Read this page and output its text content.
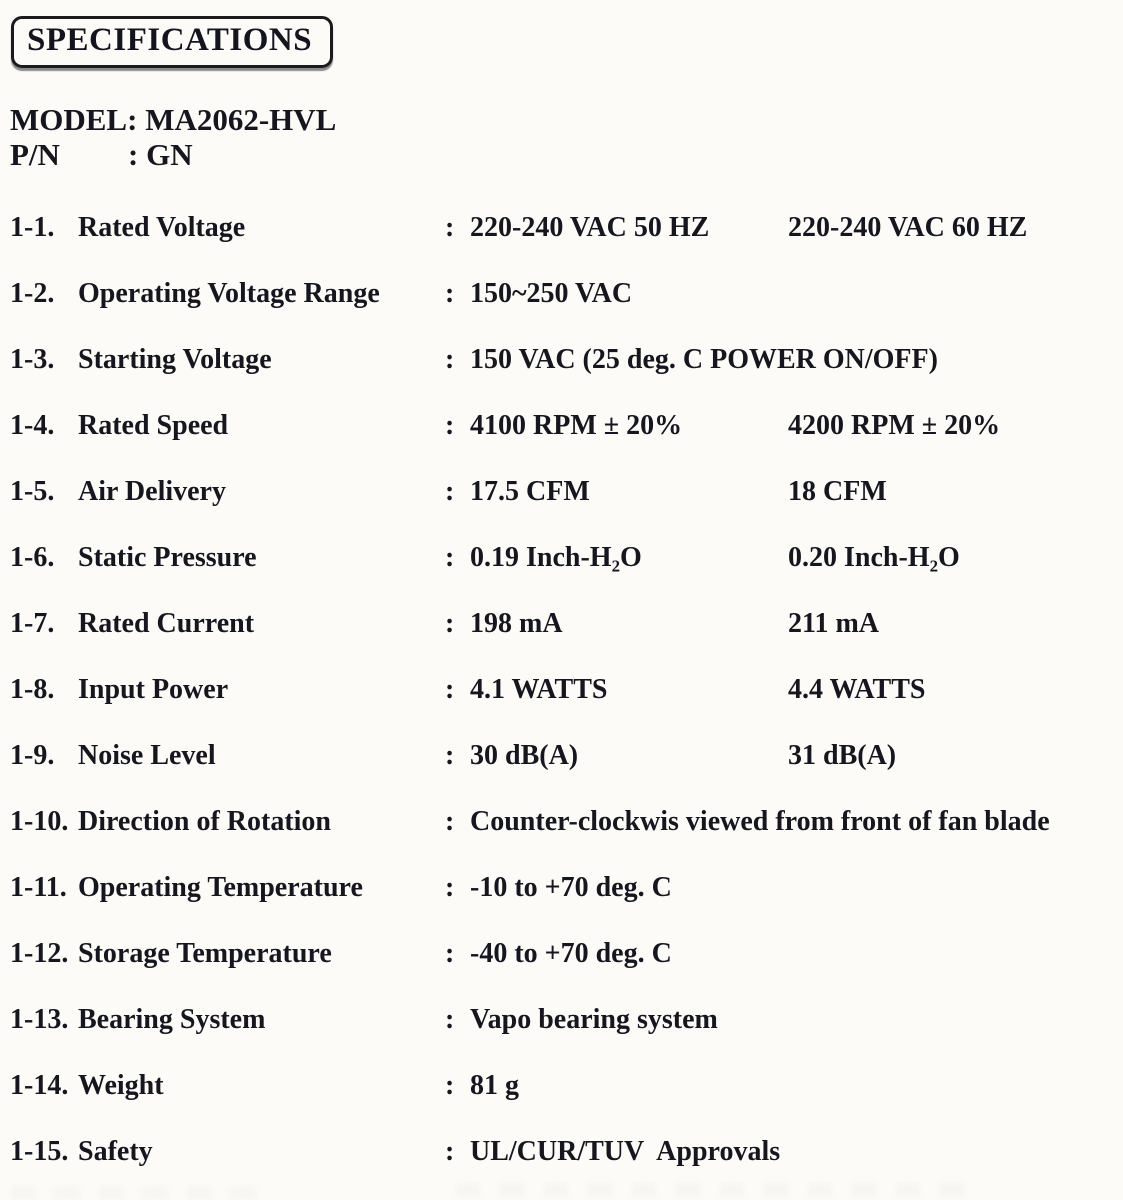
SPECIFICATIONS
MODEL: MA2062-HVL
P/N	:
GN
1-1. Rated Voltage	: 220-240 VAC 50 HZ	220-240 VAC 60 HZ
1-2. Operating Voltage Range	: 150~250 VAC
1-3. Starting Voltage	: 150 VAC (25 deg. C POWER ON/OFF)
1-4. Rated Speed	: 4100 RPM ± 20%	4200 RPM ± 20%
1-5. Air Delivery	: 17.5 CFM	18 CFM
1-6. Static Pressure	: 0.19 Inch-H₂O	0.20 Inch-H₂O
1-7. Rated Current	: 198 mA	211 mA
1-8. Input Power	: 4.1 WATTS	4.4 WATTS
1-9. Noise Level	: 30 dB(A)	31 dB(A)
1-10. Direction of Rotation	: Counter-clockwis viewed from front of fan blade
1-11. Operating Temperature	: -10 to +70 deg. C
1-12. Storage Temperature	: -40 to +70 deg. C
1-13. Bearing System	: Vapo bearing system
1-14. Weight	: 81 g
1-15. Safety	: UL/CUR/TUV  Approvals
